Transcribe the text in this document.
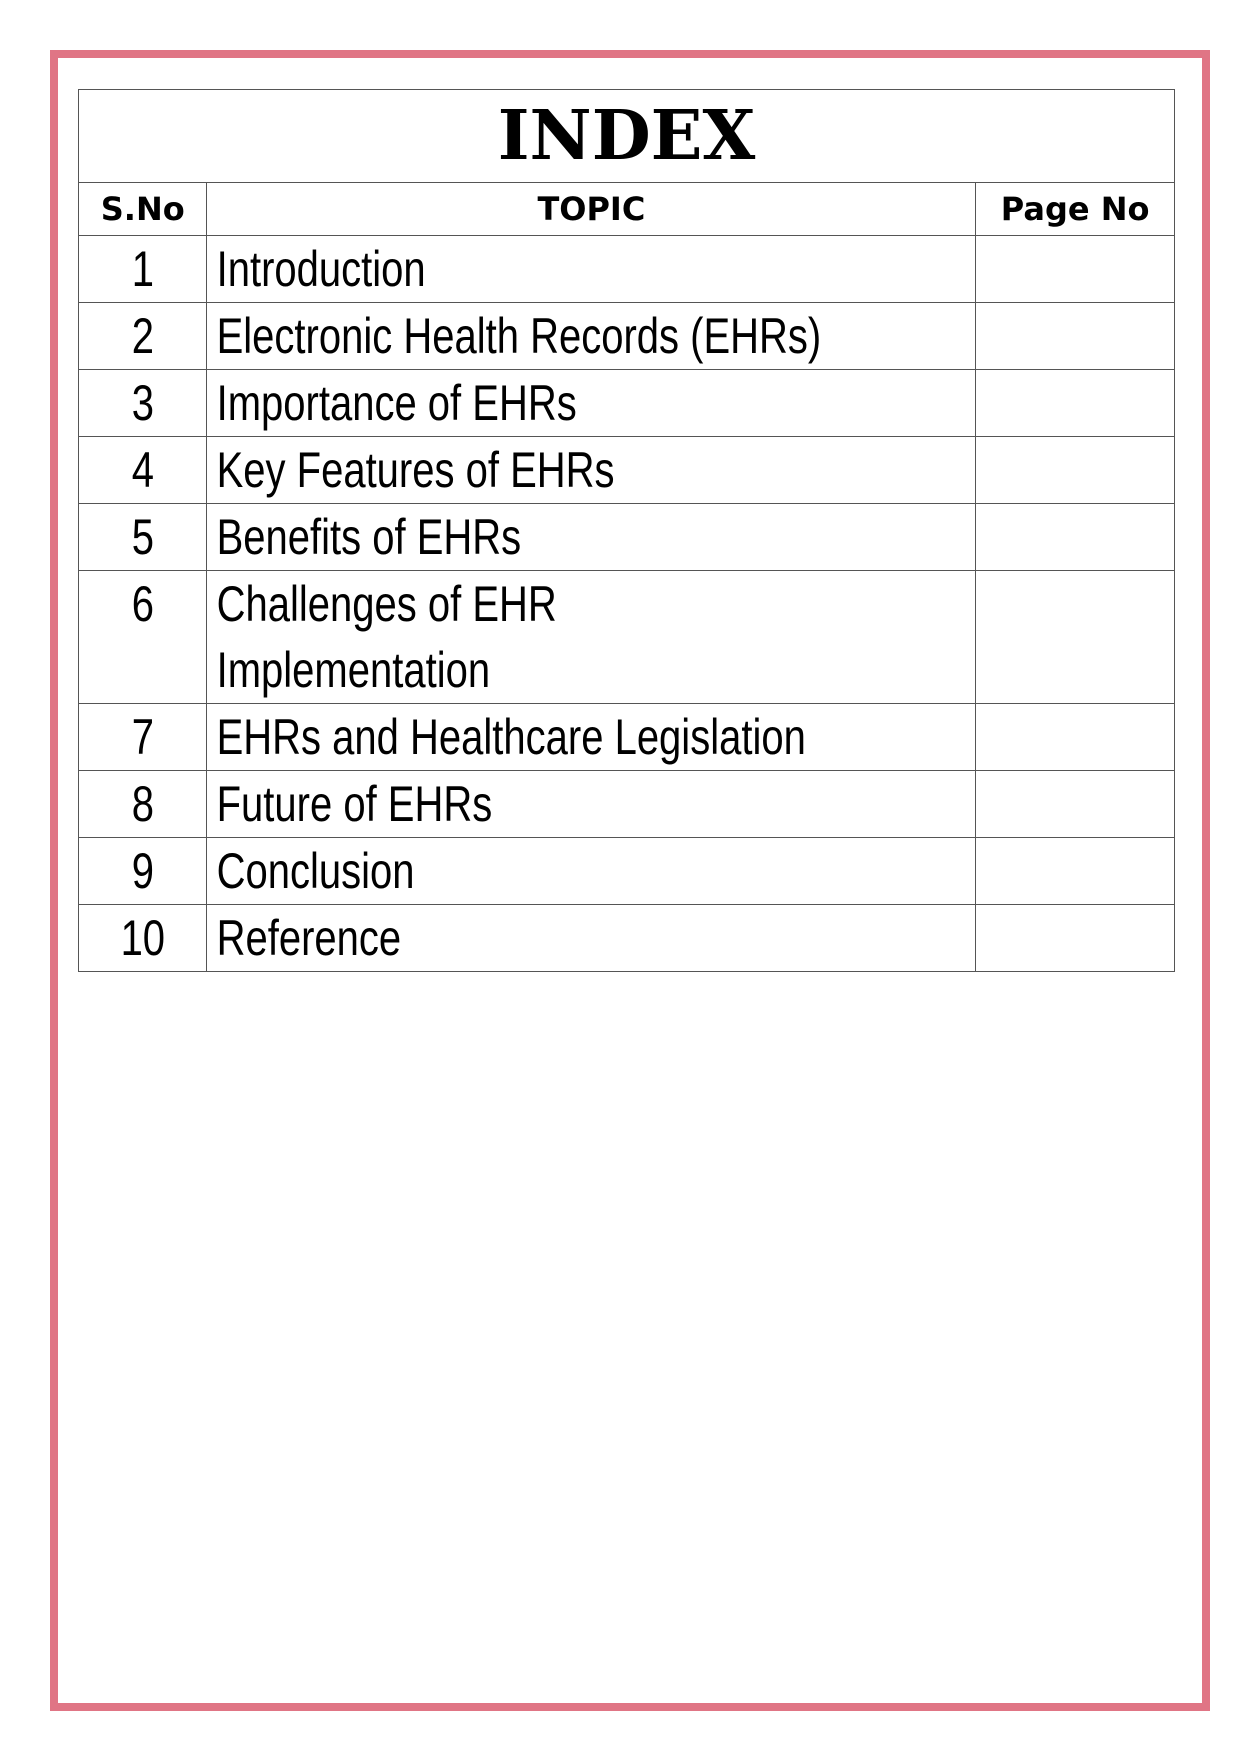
INDEX		
S.No	TOPIC	Page No
1	Introduction	
2	Electronic Health Records (EHRs)	
3	Importance of EHRs	
4	Key Features of EHRs	
5	Benefits of EHRs	
6	Challenges of EHR
Implementation	
7	EHRs and Healthcare Legislation	
8	Future of EHRs	
9	Conclusion	
10	Reference	
